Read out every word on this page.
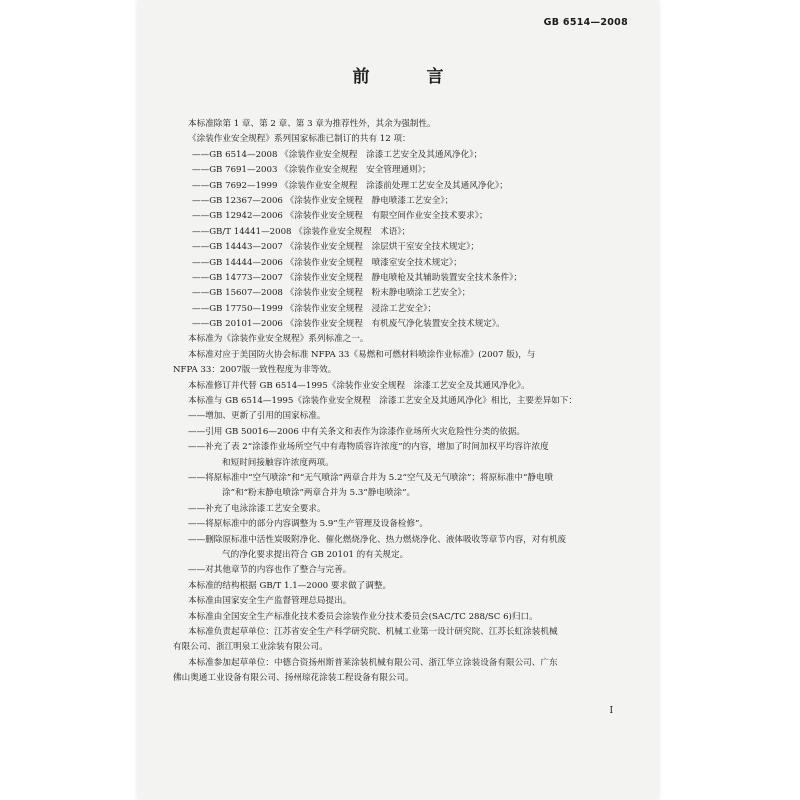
GB 6514—2008
前　言
本标准除第 1 章、第 2 章、第 3 章为推荐性外，其余为强制性。
《涂装作业安全规程》系列国家标准已制订的共有 12 项：
——GB 6514—2008 《涂装作业安全规程　涂漆工艺安全及其通风净化》；
——GB 7691—2003 《涂装作业安全规程　安全管理通则》；
——GB 7692—1999 《涂装作业安全规程　涂漆前处理工艺安全及其通风净化》；
——GB 12367—2006 《涂装作业安全规程　静电喷漆工艺安全》；
——GB 12942—2006 《涂装作业安全规程　有限空间作业安全技术要求》；
——GB/T 14441—2008 《涂装作业安全规程　术语》；
——GB 14443—2007 《涂装作业安全规程　涂层烘干室安全技术规定》；
——GB 14444—2006 《涂装作业安全规程　喷漆室安全技术规定》；
——GB 14773—2007 《涂装作业安全规程　静电喷枪及其辅助装置安全技术条件》；
——GB 15607—2008 《涂装作业安全规程　粉末静电喷涂工艺安全》；
——GB 17750—1999 《涂装作业安全规程　浸涂工艺安全》；
——GB 20101—2006 《涂装作业安全规程　有机废气净化装置安全技术规定》。
本标准为《涂装作业安全规程》系列标准之一。
本标准对应于美国防火协会标准 NFPA 33《易燃和可燃材料喷涂作业标准》(2007 版)，与
NFPA 33：2007版一致性程度为非等效。
本标准修订并代替 GB 6514—1995《涂装作业安全规程　涂漆工艺安全及其通风净化》。
本标准与 GB 6514—1995《涂装作业安全规程　涂漆工艺安全及其通风净化》相比，主要差异如下：
——增加、更新了引用的国家标准。
——引用 GB 50016—2006 中有关条文和表作为涂漆作业场所火灾危险性分类的依据。
——补充了表 2“涂漆作业场所空气中有毒物质容许浓度”的内容，增加了时间加权平均容许浓度
和短时间接触容许浓度两项。
——将原标准中“空气喷涂”和“无气喷涂”两章合并为 5.2“空气及无气喷涂”；将原标准中“静电喷
涂”和“粉末静电喷涂”两章合并为 5.3“静电喷涂”。
——补充了电泳涂漆工艺安全要求。
——将原标准中的部分内容调整为 5.9“生产管理及设备检修”。
——删除原标准中活性炭吸附净化、催化燃烧净化、热力燃烧净化、液体吸收等章节内容，对有机废
气的净化要求提出符合 GB 20101 的有关规定。
——对其他章节的内容也作了整合与完善。
本标准的结构根据 GB/T 1.1—2000 要求做了调整。
本标准由国家安全生产监督管理总局提出。
本标准由全国安全生产标准化技术委员会涂装作业分技术委员会(SAC/TC 288/SC 6)归口。
本标准负责起草单位：江苏省安全生产科学研究院、机械工业第一设计研究院、江苏长虹涂装机械
有限公司、浙江明泉工业涂装有限公司。
本标准参加起草单位：中德合资扬州斯普莱涂装机械有限公司、浙江华立涂装设备有限公司、广东
佛山奥通工业设备有限公司、扬州琼花涂装工程设备有限公司。
I
